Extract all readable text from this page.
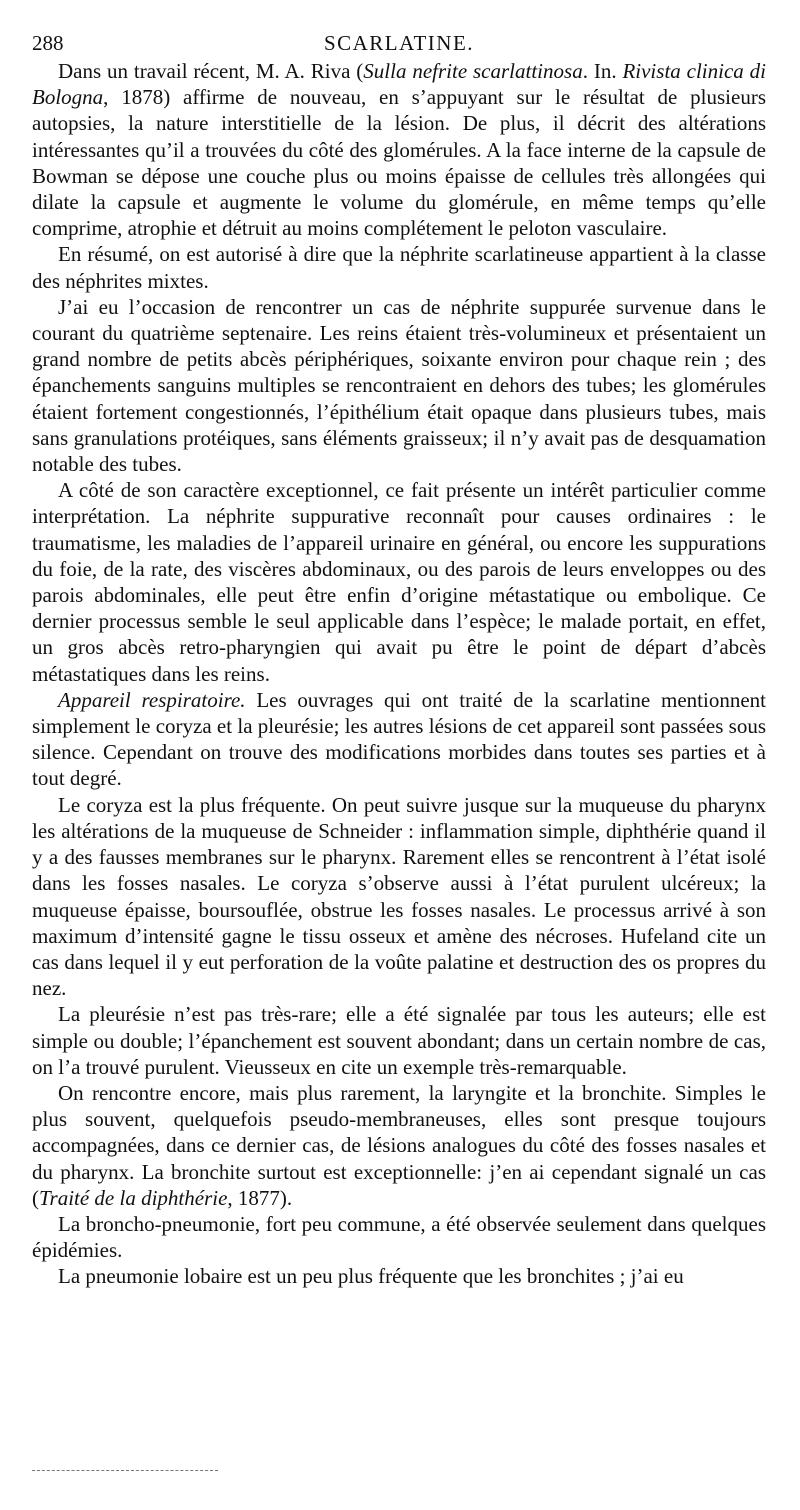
288	SCARLATINE.

Dans un travail récent, M. A. Riva (Sulla nefrite scarlattinosa. In. Rivista clinica di Bologna, 1878) affirme de nouveau, en s’appuyant sur le résultat de plusieurs autopsies, la nature interstitielle de la lésion. De plus, il décrit des altérations intéressantes qu’il a trouvées du côté des glomérules. A la face interne de la capsule de Bowman se dépose une couche plus ou moins épaisse de cellules très allongées qui dilate la capsule et augmente le volume du glomérule, en même temps qu’elle comprime, atrophie et détruit au moins complétement le peloton vasculaire.

En résumé, on est autorisé à dire que la néphrite scarlatineuse appartient à la classe des néphrites mixtes.

J’ai eu l’occasion de rencontrer un cas de néphrite suppurée survenue dans le courant du quatrième septenaire. Les reins étaient très-volumineux et présentaient un grand nombre de petits abcès périphériques, soixante environ pour chaque rein ; des épanchements sanguins multiples se rencontraient en dehors des tubes; les glomérules étaient fortement congestionnés, l’épithélium était opaque dans plusieurs tubes, mais sans granulations protéiques, sans éléments graisseux; il n’y avait pas de desquamation notable des tubes.

A côté de son caractère exceptionnel, ce fait présente un intérêt particulier comme interprétation. La néphrite suppurative reconnaît pour causes ordinaires : le traumatisme, les maladies de l’appareil urinaire en général, ou encore les suppurations du foie, de la rate, des viscères abdominaux, ou des parois de leurs enveloppes ou des parois abdominales, elle peut être enfin d’origine métastatique ou embolique. Ce dernier processus semble le seul applicable dans l’espèce; le malade portait, en effet, un gros abcès retro-pharyngien qui avait pu être le point de départ d’abcès métastatiques dans les reins.

Appareil respiratoire. Les ouvrages qui ont traité de la scarlatine mentionnent simplement le coryza et la pleurésie; les autres lésions de cet appareil sont passées sous silence. Cependant on trouve des modifications morbides dans toutes ses parties et à tout degré.

Le coryza est la plus fréquente. On peut suivre jusque sur la muqueuse du pharynx les altérations de la muqueuse de Schneider : inflammation simple, diphthérie quand il y a des fausses membranes sur le pharynx. Rarement elles se rencontrent à l’état isolé dans les fosses nasales. Le coryza s’observe aussi à l’état purulent ulcéreux; la muqueuse épaisse, boursouflée, obstrue les fosses nasales. Le processus arrivé à son maximum d’intensité gagne le tissu osseux et amène des nécroses. Hufeland cite un cas dans lequel il y eut perforation de la voûte palatine et destruction des os propres du nez.

La pleurésie n’est pas très-rare; elle a été signalée par tous les auteurs; elle est simple ou double; l’épanchement est souvent abondant; dans un certain nombre de cas, on l’a trouvé purulent. Vieusseux en cite un exemple très-remarquable.

On rencontre encore, mais plus rarement, la laryngite et la bronchite. Simples le plus souvent, quelquefois pseudo-membraneuses, elles sont presque toujours accompagnées, dans ce dernier cas, de lésions analogues du côté des fosses nasales et du pharynx. La bronchite surtout est exceptionnelle: j’en ai cependant signalé un cas (Traité de la diphthérie, 1877).

La broncho-pneumonie, fort peu commune, a été observée seulement dans quelques épidémies.

La pneumonie lobaire est un peu plus fréquente que les bronchites ; j’ai eu
